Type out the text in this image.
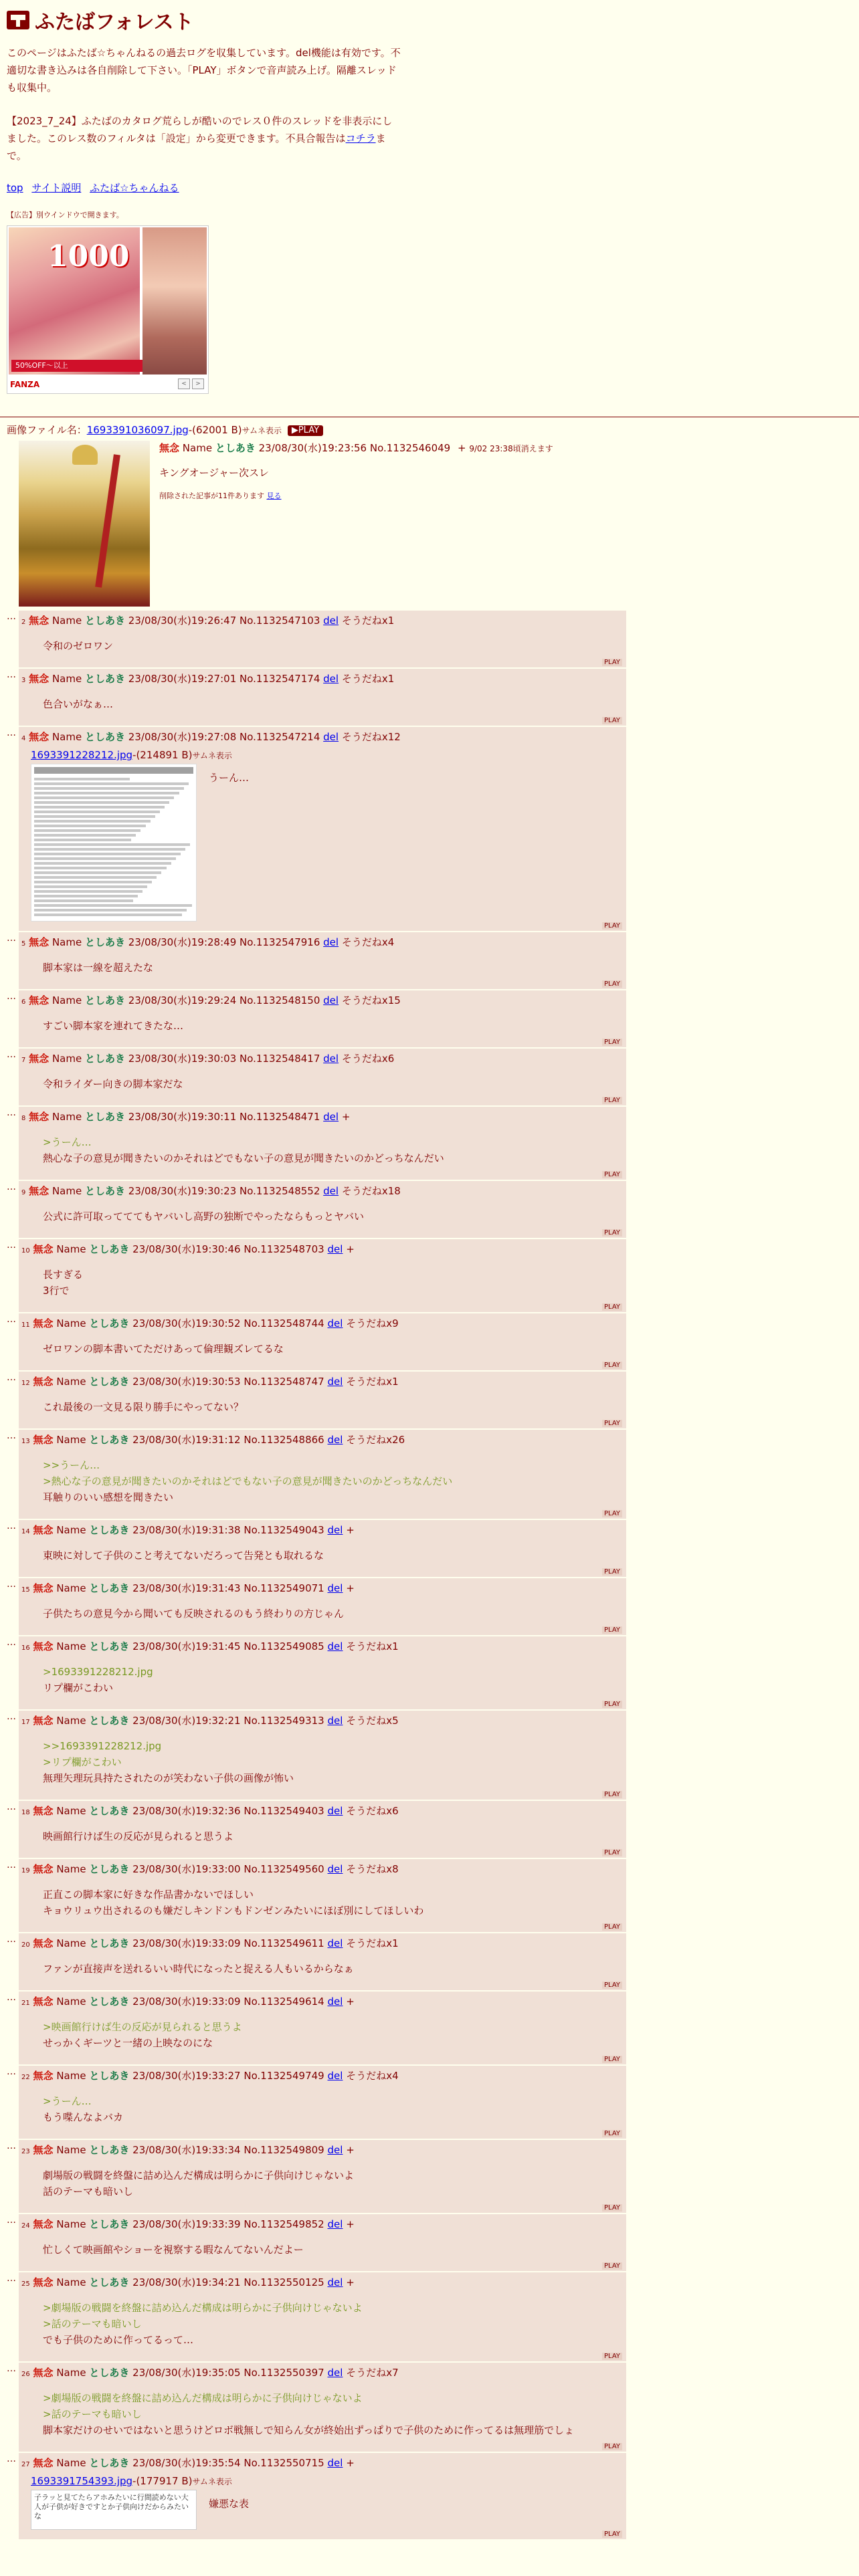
ふたばフォレスト

このページはふたば☆ちゃんねるの過去ログを収集しています。del機能は有効です。不適切な書き込みは各自削除して下さい。「PLAY」ボタンで音声読み上げ。隔離スレッドも収集中。

【2023_7_24】ふたばのカタログ荒らしが酷いのでレス０件のスレッドを非表示にしました。このレス数のフィルタは「設定」から変更できます。不具合報告はコチラまで。

top サイト説明 ふたば☆ちゃんねる
【広告】別ウインドウで開きます。
1000
50%OFF〜以上
FANZA	<	>
画像ファイル名：1693391036097.jpg-(62001 B)サムネ表示 ▶PLAY
無念 Name としあき 23/08/30(水)19:23:56 No.1132546049 + 9/02 23:38頃消えます
キングオージャー次スレ
削除された記事が11件あります 見る
…
2 無念 Name としあき 23/08/30(水)19:26:47 No.1132547103 del そうだねx1
令和のゼロワン
PLAY
…
3 無念 Name としあき 23/08/30(水)19:27:01 No.1132547174 del そうだねx1
色合いがなぁ…
PLAY
…
4 無念 Name としあき 23/08/30(水)19:27:08 No.1132547214 del そうだねx12
1693391228212.jpg-(214891 B)サムネ表示
うーん…
PLAY
…
5 無念 Name としあき 23/08/30(水)19:28:49 No.1132547916 del そうだねx4
脚本家は一線を超えたな
PLAY
…
6 無念 Name としあき 23/08/30(水)19:29:24 No.1132548150 del そうだねx15
すごい脚本家を連れてきたな…
PLAY
…
7 無念 Name としあき 23/08/30(水)19:30:03 No.1132548417 del そうだねx6
令和ライダー向きの脚本家だな
PLAY
…
8 無念 Name としあき 23/08/30(水)19:30:11 No.1132548471 del +
>うーん…
熱心な子の意見が聞きたいのかそれはどでもない子の意見が聞きたいのかどっちなんだい
PLAY
…
9 無念 Name としあき 23/08/30(水)19:30:23 No.1132548552 del そうだねx18
公式に許可取ってててもヤバいし高野の独断でやったならもっとヤバい
PLAY
…
10 無念 Name としあき 23/08/30(水)19:30:46 No.1132548703 del +
長すぎる
3行で
PLAY
…
11 無念 Name としあき 23/08/30(水)19:30:52 No.1132548744 del そうだねx9
ゼロワンの脚本書いてただけあって倫理観ズレてるな
PLAY
…
12 無念 Name としあき 23/08/30(水)19:30:53 No.1132548747 del そうだねx1
これ最後の一文見る限り勝手にやってない？
PLAY
…
13 無念 Name としあき 23/08/30(水)19:31:12 No.1132548866 del そうだねx26
>>うーん…
>熱心な子の意見が聞きたいのかそれはどでもない子の意見が聞きたいのかどっちなんだい
耳触りのいい感想を聞きたい
PLAY
…
14 無念 Name としあき 23/08/30(水)19:31:38 No.1132549043 del +
東映に対して子供のこと考えてないだろって告発とも取れるな
PLAY
…
15 無念 Name としあき 23/08/30(水)19:31:43 No.1132549071 del +
子供たちの意見今から聞いても反映されるのもう終わりの方じゃん
PLAY
…
16 無念 Name としあき 23/08/30(水)19:31:45 No.1132549085 del そうだねx1
>1693391228212.jpg
リプ欄がこわい
PLAY
…
17 無念 Name としあき 23/08/30(水)19:32:21 No.1132549313 del そうだねx5
>>1693391228212.jpg
>リプ欄がこわい
無理矢理玩具持たされたのが笑わない子供の画像が怖い
PLAY
…
18 無念 Name としあき 23/08/30(水)19:32:36 No.1132549403 del そうだねx6
映画館行けば生の反応が見られると思うよ
PLAY
…
19 無念 Name としあき 23/08/30(水)19:33:00 No.1132549560 del そうだねx8
正直この脚本家に好きな作品書かないでほしい
キョウリュウ出されるのも嫌だしキンドンもドンゼンみたいにほぼ別にしてほしいわ
PLAY
…
20 無念 Name としあき 23/08/30(水)19:33:09 No.1132549611 del そうだねx1
ファンが直接声を送れるいい時代になったと捉える人もいるからなぁ
PLAY
…
21 無念 Name としあき 23/08/30(水)19:33:09 No.1132549614 del +
>映画館行けば生の反応が見られると思うよ
せっかくギーツと一緒の上映なのにな
PLAY
…
22 無念 Name としあき 23/08/30(水)19:33:27 No.1132549749 del そうだねx4
>うーん…
もう喋んなよバカ
PLAY
…
23 無念 Name としあき 23/08/30(水)19:33:34 No.1132549809 del +
劇場版の戦闘を終盤に詰め込んだ構成は明らかに子供向けじゃないよ
話のテーマも暗いし
PLAY
…
24 無念 Name としあき 23/08/30(水)19:33:39 No.1132549852 del +
忙しくて映画館やショーを視察する暇なんてないんだよー
PLAY
…
25 無念 Name としあき 23/08/30(水)19:34:21 No.1132550125 del +
>劇場版の戦闘を終盤に詰め込んだ構成は明らかに子供向けじゃないよ
>話のテーマも暗いし
でも子供のために作ってるって…
PLAY
…
26 無念 Name としあき 23/08/30(水)19:35:05 No.1132550397 del そうだねx7
>劇場版の戦闘を終盤に詰め込んだ構成は明らかに子供向けじゃないよ
>話のテーマも暗いし
脚本家だけのせいではないと思うけどロボ戦無しで知らん女が終始出ずっぱりで子供のために作ってるは無理筋でしょ
PLAY
…
27 無念 Name としあき 23/08/30(水)19:35:54 No.1132550715 del +
1693391754393.jpg-(177917 B)サムネ表示
子ラッと見てたらアホみたいに行間読めない大人が子供が好きですとか子供向けだからみたいな
嫌悪な表
PLAY
